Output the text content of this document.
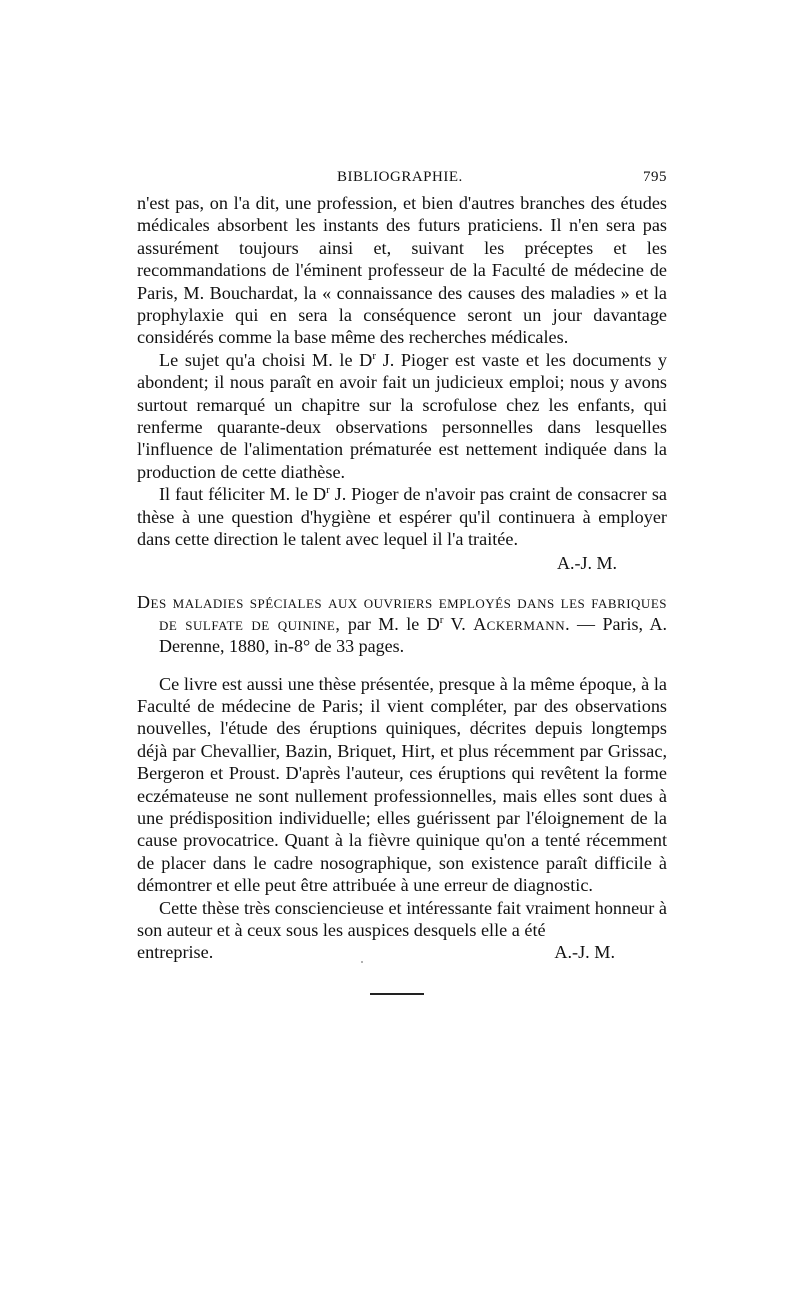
BIBLIOGRAPHIE.	795

n'est pas, on l'a dit, une profession, et bien d'autres branches des études médicales absorbent les instants des futurs praticiens. Il n'en sera pas assurément toujours ainsi et, suivant les préceptes et les recommandations de l'éminent professeur de la Faculté de médecine de Paris, M. Bouchardat, la « connaissance des causes des maladies » et la prophylaxie qui en sera la conséquence seront un jour davantage considérés comme la base même des recherches médicales.

Le sujet qu'a choisi M. le $D^r$ J. Pioger est vaste et les documents y abondent; il nous paraît en avoir fait un judicieux emploi; nous y avons surtout remarqué un chapitre sur la scrofulose chez les enfants, qui renferme quarante-deux observations personnelles dans lesquelles l'influence de l'alimentation prématurée est nettement indiquée dans la production de cette diathèse.

Il faut féliciter M. le $D^r$ J. Pioger de n'avoir pas craint de consacrer sa thèse à une question d'hygiène et espérer qu'il continuera à employer dans cette direction le talent avec lequel il l'a traitée.

A.-J. M.

Des maladies spéciales aux ouvriers employés dans les fabriques de sulfate de quinine, par M. le $D^r$ V. Ackermann. — Paris, A. Derenne, 1880, in-8° de 33 pages.

Ce livre est aussi une thèse présentée, presque à la même époque, à la Faculté de médecine de Paris; il vient compléter, par des observations nouvelles, l'étude des éruptions quiniques, décrites depuis longtemps déjà par Chevallier, Bazin, Briquet, Hirt, et plus récemment par Grissac, Bergeron et Proust. D'après l'auteur, ces éruptions qui revêtent la forme eczémateuse ne sont nullement professionnelles, mais elles sont dues à une prédisposition individuelle; elles guérissent par l'éloignement de la cause provocatrice. Quant à la fièvre quinique qu'on a tenté récemment de placer dans le cadre nosographique, son existence paraît difficile à démontrer et elle peut être attribuée à une erreur de diagnostic.

Cette thèse très consciencieuse et intéressante fait vraiment honneur à son auteur et à ceux sous les auspices desquels elle a été
entreprise.	A.-J. M.
